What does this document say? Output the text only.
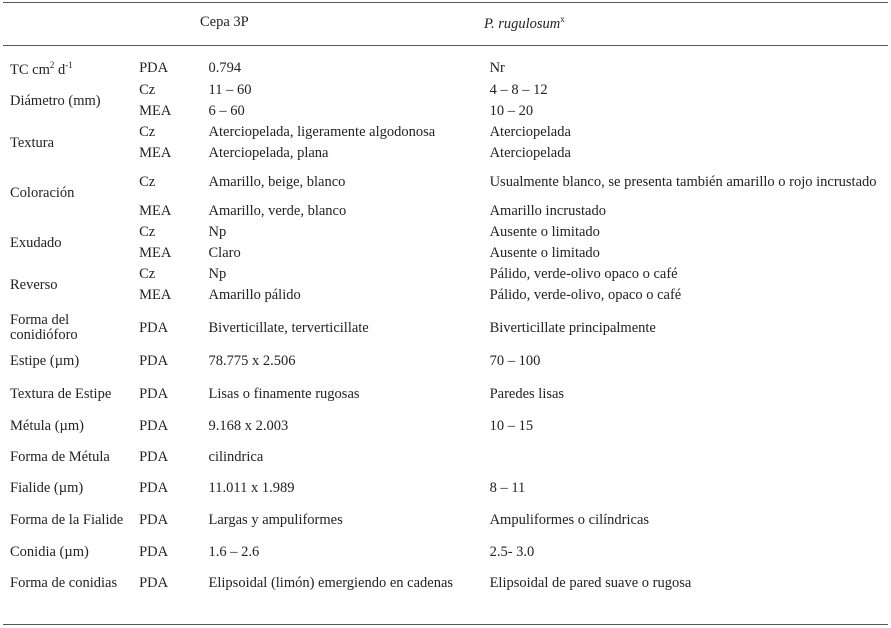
Cepa 3P	P. rugulosum$^x$
TC $cm^2$ $d^{-1}$	PDA	0.794	Nr
Diámetro (mm)	Cz	11 – 60	4 – 8 – 12
	MEA	6 – 60	10 – 20
Textura	Cz	Aterciopelada, ligeramente algodonosa	Aterciopelada
	MEA	Aterciopelada, plana	Aterciopelada
Coloración	Cz	Amarillo, beige, blanco	Usualmente blanco, se presenta también amarillo o rojo incrustado
	MEA	Amarillo, verde, blanco	Amarillo incrustado
Exudado	Cz	Np	Ausente o limitado
	MEA	Claro	Ausente o limitado
Reverso	Cz	Np	Pálido, verde-olivo opaco o café
	MEA	Amarillo pálido	Pálido, verde-olivo, opaco o café
Forma del conidióforo	PDA	Biverticillate, terverticillate	Biverticillate principalmente
Estipe (µm)	PDA	78.775 x 2.506	70 – 100
Textura de Estipe	PDA	Lisas o finamente rugosas	Paredes lisas
Métula (µm)	PDA	9.168 x 2.003	10 – 15
Forma de Métula	PDA	cilindrica	
Fialide (µm)	PDA	11.011 x 1.989	8 – 11
Forma de la Fialide	PDA	Largas y ampuliformes	Ampuliformes o cilíndricas
Conidia (µm)	PDA	1.6 – 2.6	2.5- 3.0
Forma de conidias	PDA	Elipsoidal (limón) emergiendo en cadenas	Elipsoidal de pared suave o rugosa
